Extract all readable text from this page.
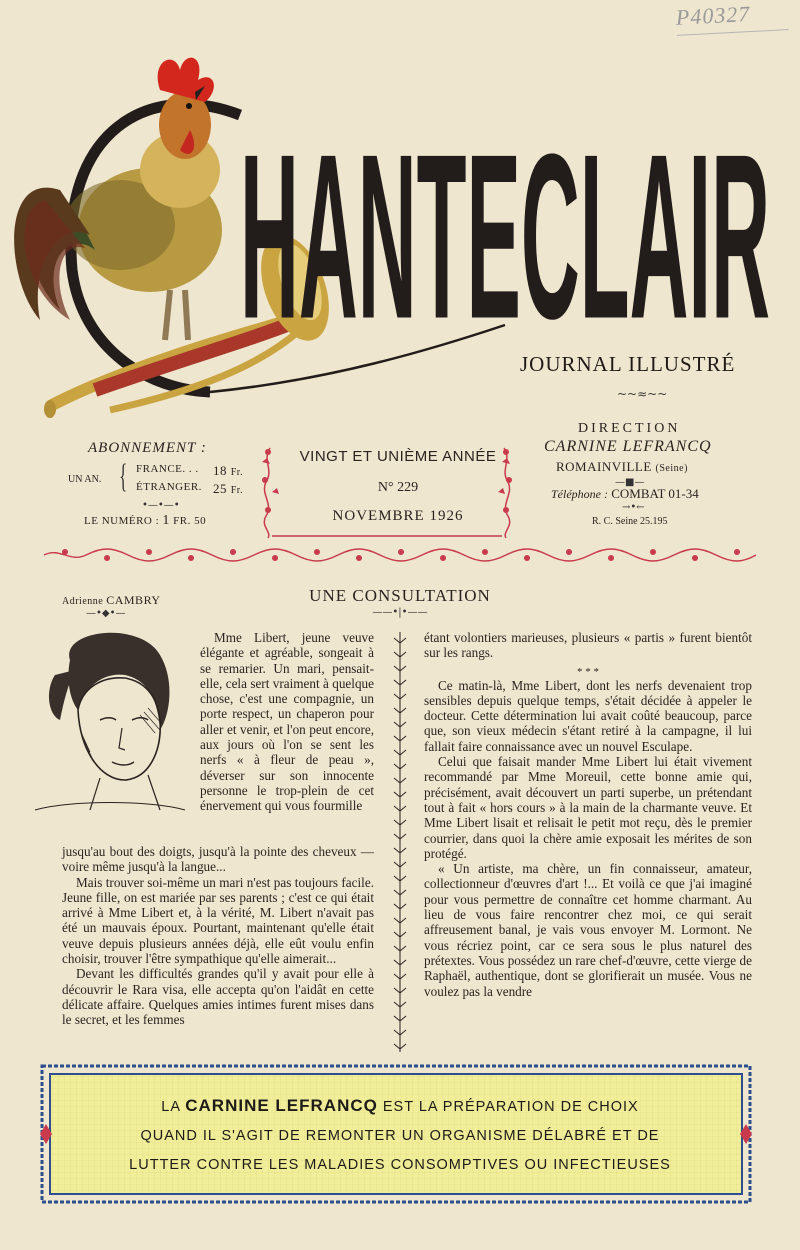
P40327
HANTECLAIR
JOURNAL ILLUSTRÉ
~~≈~~
ABONNEMENT :
UN AN. { FRANCE. . . 18 Fr.
ÉTRANGER. 25 Fr.
•—•—•
LE NUMÉRO : 1 FR. 50
VINGT ET UNIÈME ANNÉE
N° 229
NOVEMBRE 1926
DIRECTION
CARNINE LEFRANCQ
ROMAINVILLE (Seine)
—■—
Téléphone : COMBAT 01-34
→•←
R. C. Seine 25.195
Adrienne CAMBRY
—•◆•—
UNE CONSULTATION
——•|•——

Mme Libert, jeune veuve élégante et agréable, songeait à se remarier. Un mari, pensait-elle, cela sert vraiment à quelque chose, c'est une compagnie, un porte respect, un chaperon pour aller et venir, et l'on peut encore, aux jours où l'on se sent les nerfs « à fleur de peau », déverser sur son innocente personne le trop-plein de cet énervement qui vous fourmille

jusqu'au bout des doigts, jusqu'à la pointe des cheveux — voire même jusqu'à la langue...

Mais trouver soi-même un mari n'est pas toujours facile. Jeune fille, on est mariée par ses parents ; c'est ce qui était arrivé à Mme Libert et, à la vérité, M. Libert n'avait pas été un mauvais époux. Pourtant, maintenant qu'elle était veuve depuis plusieurs années déjà, elle eût voulu enfin choisir, trouver l'être sympathique qu'elle aimerait...

Devant les difficultés grandes qu'il y avait pour elle à découvrir le Rara visa, elle accepta qu'on l'aidât en cette délicate affaire. Quelques amies intimes furent mises dans le secret, et les femmes

étant volontiers marieuses, plusieurs « partis » furent bientôt sur les rangs.

* * *

Ce matin-là, Mme Libert, dont les nerfs devenaient trop sensibles depuis quelque temps, s'était décidée à appeler le docteur. Cette détermination lui avait coûté beaucoup, parce que, son vieux médecin s'étant retiré à la campagne, il lui fallait faire connaissance avec un nouvel Esculape.

Celui que faisait mander Mme Libert lui était vivement recommandé par Mme Moreuil, cette bonne amie qui, précisément, avait découvert un parti superbe, un prétendant tout à fait « hors cours » à la main de la charmante veuve. Et Mme Libert lisait et relisait le petit mot reçu, dès le premier courrier, dans quoi la chère amie exposait les mérites de son protégé.

« Un artiste, ma chère, un fin connaisseur, amateur, collectionneur d'œuvres d'art !... Et voilà ce que j'ai imaginé pour vous permettre de connaître cet homme charmant. Au lieu de vous faire rencontrer chez moi, ce qui serait affreusement banal, je vais vous envoyer M. Lormont. Ne vous récriez point, car ce sera sous le plus naturel des prétextes. Vous possédez un rare chef-d'œuvre, cette vierge de Raphaël, authentique, dont se glorifierait un musée. Vous ne voulez pas la vendre

LA CARNINE LEFRANCQ EST LA PRÉPARATION DE CHOIX
QUAND IL S'AGIT DE REMONTER UN ORGANISME DÉLABRÉ ET DE
LUTTER CONTRE LES MALADIES CONSOMPTIVES OU INFECTIEUSES
